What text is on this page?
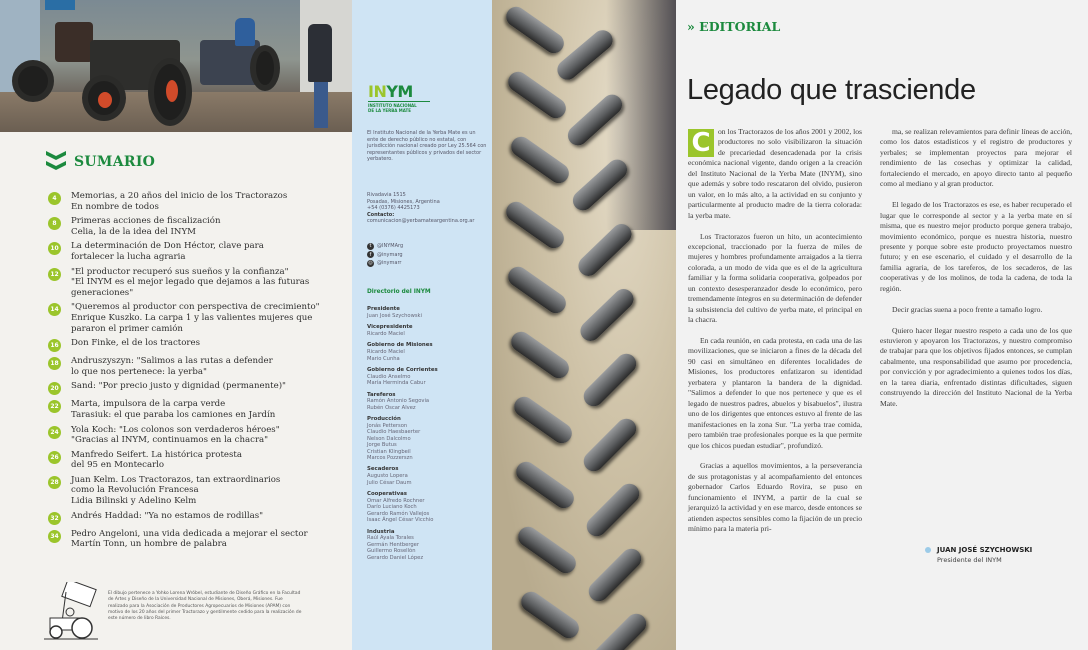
SUMARIO
4	Memorias, a 20 años del inicio de los Tractorazos
En nombre de todos
8	Primeras acciones de fiscalización
Celia, la de la idea del INYM
10 La determinación de Don Héctor, clave para
fortalecer la lucha agraria
12 "El productor recuperó sus sueños y la confianza"
"El INYM es el mejor legado que dejamos a las futuras
generaciones"
14 "Queremos al productor con perspectiva de crecimiento"
Enrique Kuszko. La carpa 1 y las valientes mujeres que
pararon el primer camión
16 Don Finke, el de los tractores
18 Andruszyszyn: "Salimos a las rutas a defender
lo que nos pertenece: la yerba"
20 Sand: "Por precio justo y dignidad (permanente)"
22 Marta, impulsora de la carpa verde
Tarasiuk: el que paraba los camiones en Jardín
24 Yola Koch: "Los colonos son verdaderos héroes"
"Gracias al INYM, continuamos en la chacra"
26 Manfredo Seifert. La histórica protesta
del 95 en Montecarlo
28 Juan Kelm. Los Tractorazos, tan extraordinarios
como la Revolución Francesa
Lidia Bilinski y Adelino Kelm
32 Andrés Haddad: "Ya no estamos de rodillas"
34 Pedro Angeloni, una vida dedicada a mejorar el sector
Martín Tonn, un hombre de palabra
El dibujo pertenece a Yohko Lorena Wróbel, estudiante de Diseño Gráfico en la Facultad de Artes y Diseño de la Universidad Nacional de Misiones, Oberá, Misiones. Fue realizado para la Asociación de Productores Agropecuarios de Misiones (APAM) con motivo de los 20 años del primer Tractorazo y gentilmente cedido para la realización de este número de libro Raíces.
INYM
INSTITUTO NACIONAL
DE LA YERBA MATE
El Instituto Nacional de la Yerba Mate es un ente de derecho público no estatal, con jurisdicción nacional creado por Ley 25.564 con representantes públicos y privados del sector yerbatero.
Rivadavia 1515
Posadas, Misiones, Argentina
+54 (0376) 4425173
Contacto: comunicacion@yerbamateargentina.org.ar
t	@INYMArg
f	@inymarg
◎ @inymarr
Directorio del INYM
Presidente
Juan José Szychowski
Vicepresidente
Ricardo Maciel
Gobierno de Misiones
Ricardo Maciel
Mario Cunha
Gobierno de Corrientes
Claudio Anselmo
María Herminda Cabur
Tareferos
Ramón Antonio Segovia
Rubén Oscar Alvez
Producción
Jonás Petterson
Claudio Haesbaerter
Nelson Dalcolmo
Jorge Butus
Cristian Klingbeil
Marcos Pozzerszn
Secaderos
Augusto Lopera
Julio César Daum
Cooperativas
Omar Alfredo Rochner
Darío Luciano Koch
Gerardo Ramón Vallejos
Isaac Ángel César Vicchio
Industria
Raúl Ayala Torales
Germán Hentberger
Guillermo Rosellón
Gerardo Daniel López
» EDITORIAL
Legado que trasciende

C on los Tractorazos de los años 2001 y 2002, los productores no solo visibilizaron la situación de precariedad desencadenada por la crisis económica nacional vigente, dando origen a la creación del Instituto Nacional de la Yerba Mate (INYM), sino que además y sobre todo rescataron del olvido, pusieron un valor, en lo más alto, a la actividad en su conjunto y particularmente al producto madre de la tierra colorada: la yerba mate.

Los Tractorazos fueron un hito, un acontecimiento excepcional, traccionado por la fuerza de miles de mujeres y hombres profundamente arraigados a la tierra colorada, a un modo de vida que es el de la agricultura familiar y la forma solidaria cooperativa, golpeados por un contexto desesperanzador desde lo económico, pero tremendamente íntegros en su determinación de defender la subsistencia del cultivo de yerba mate, el principal en la chacra.

En cada reunión, en cada protesta, en cada una de las movilizaciones, que se iniciaron a fines de la década del 90 casi en simultáneo en diferentes localidades de Misiones, los productores enfatizaron su identidad yerbatera y plantaron la bandera de la dignidad. "Salimos a defender lo que nos pertenece y que es el legado de nuestros padres, abuelos y bisabuelos", ilustra uno de los dirigentes que entonces estuvo al frente de las manifestaciones en la zona Sur. "La yerba trae comida, pero también trae profesionales porque es la que permite que los chicos puedan estudiar", profundizó.

Gracias a aquellos movimientos, a la perseverancia de sus protagonistas y al acompañamiento del entonces gobernador Carlos Eduardo Rovira, se puso en funcionamiento el INYM, a partir de la cual se jerarquizó la actividad y en ese marco, desde entonces se atienden aspectos sensibles como la fijación de un precio mínimo para la materia pri-

ma, se realizan relevamientos para definir líneas de acción, como los datos estadísticos y el registro de productores y yerbales; se implementan proyectos para mejorar el rendimiento de las cosechas y optimizar la calidad, fortaleciendo el mercado, en apoyo directo tanto al pequeño como al mediano y al gran productor.

El legado de los Tractorazos es ese, es haber recuperado el lugar que le corresponde al sector y a la yerba mate en sí misma, que es nuestro mejor producto porque genera trabajo, movimiento económico, porque es nuestra historia, nuestro presente y porque sobre este producto proyectamos nuestro futuro; y en ese escenario, el cuidado y el desarrollo de la familia agraria, de los tareferos, de los secaderos, de las cooperativas y de los molinos, de toda la cadena, de toda la región.

Decir gracias suena a poco frente a tamaño logro.

Quiero hacer llegar nuestro respeto a cada uno de los que estuvieron y apoyaron los Tractorazos, y nuestro compromiso de trabajar para que los objetivos fijados entonces, se cumplan cabalmente, una responsabilidad que asumo por procedencia, por convicción y por agradecimiento a quienes todos los días, en la tarea diaria, enfrentado distintas dificultades, siguen construyendo la dirección del Instituto Nacional de la Yerba Mate.

JUAN JOSÉ SZYCHOWSKI
Presidente del INYM
